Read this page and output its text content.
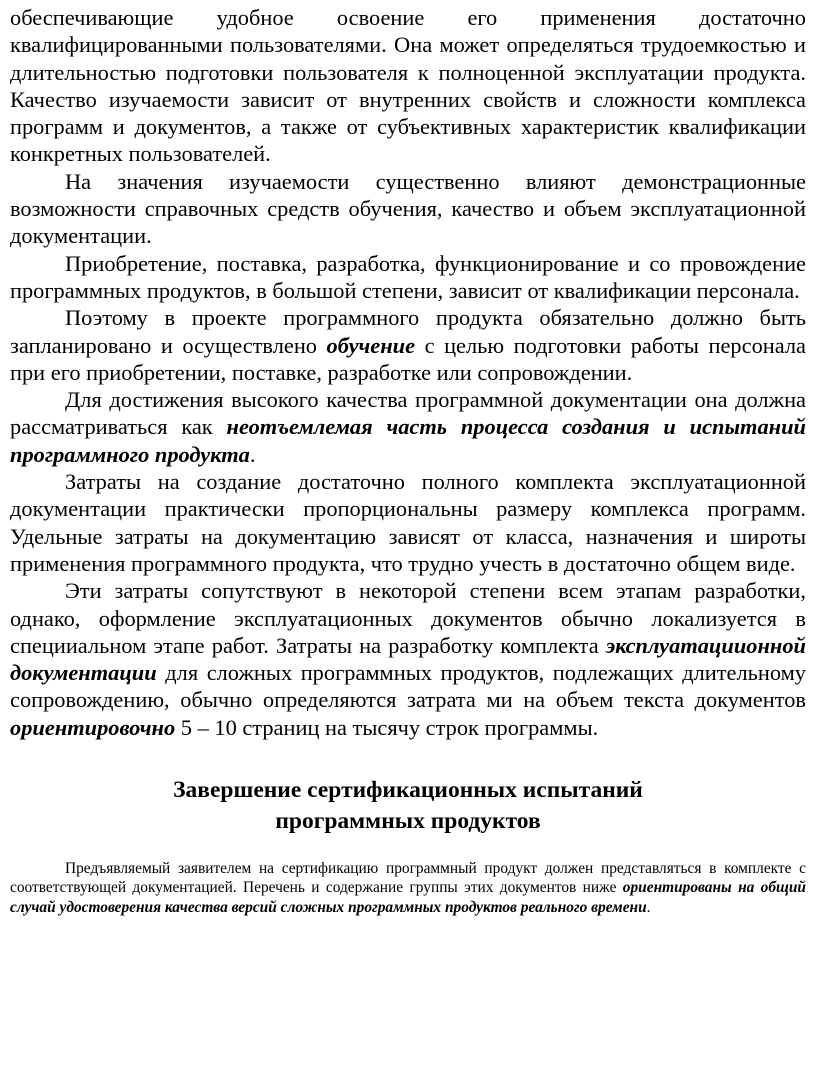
обеспечивающие удобное освоение его применения достаточно квалифицированными пользователями. Она может определяться трудоемкостью и длительностью подготовки пользователя к полноценной эксплуатации продукта. Качество изучаемости зависит от внутренних свойств и сложности комплекса программ и документов, а также от субъективных характеристик квалификации конкретных пользователей.

На значения изучаемости существенно влияют демонстрационные возможности справочных средств обучения, качество и объем эксплуатационной документации.

Приобретение, поставка, разработка, функционирование и со провождение программных продуктов, в большой степени, зависит от квалификации персонала.

Поэтому в проекте программного продукта обязательно должно быть запланировано и осуществлено обучение с целью подготовки работы персонала при его приобретении, поставке, разработке или сопровождении.

Для достижения высокого качества программной документации она должна рассматриваться как неотъемлемая часть процесса создания и испытаний программного продукта.

Затраты на создание достаточно полного комплекта эксплуатационной документации практически пропорциональны размеру комплекса программ. Удельные затраты на документацию зависят от класса, назначения и широты применения программного продукта, что трудно учесть в достаточно общем виде.

Эти затраты сопутствуют в некоторой степени всем этапам разработки, однако, оформление эксплуатационных документов обычно локализуется в специиальном этапе работ. Затраты на разработку комплекта эксплуатациионной документации для сложных программных продуктов, подлежащих длительному сопровождению, обычно определяются затрата ми на объем текста документов ориентировочно 5 – 10 страниц на тысячу строк программы.

Завершение сертификационных испытаний
программных продуктов

Предъявляемый заявителем на сертификацию программный продукт должен представляться в комплекте с соответствующей документацией. Перечень и содержание группы этих документов ниже ориентированы на общий случай удостоверения качества версий сложных программных продуктов реального времени.
